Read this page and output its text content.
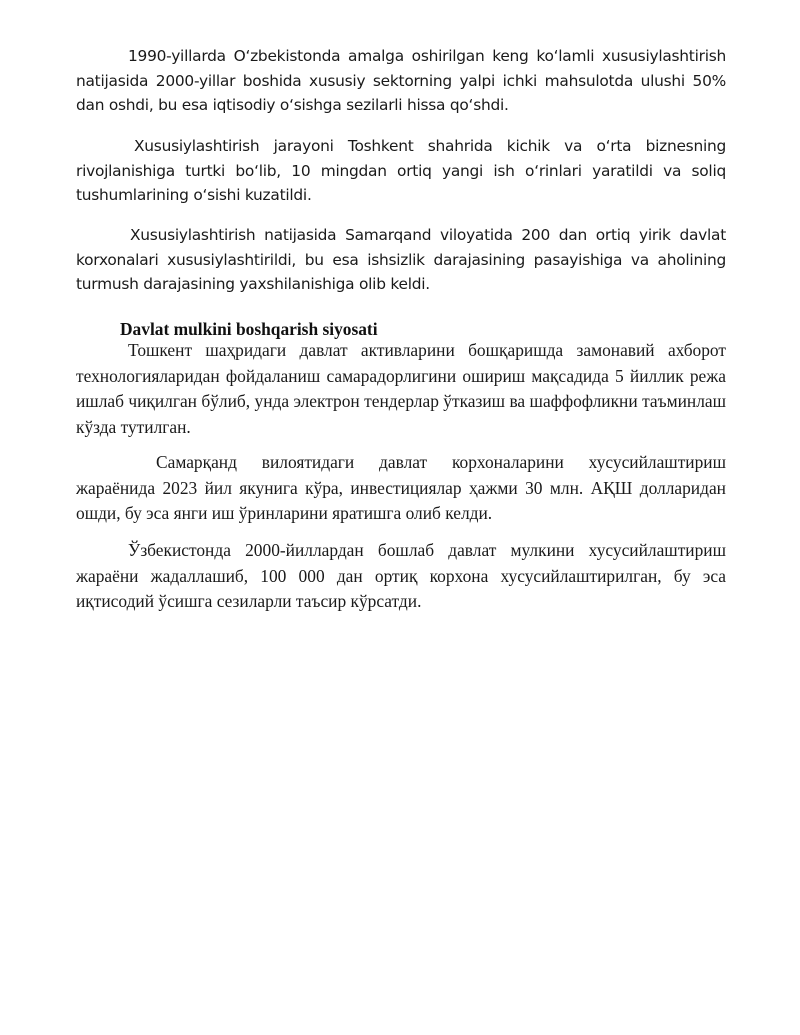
1990-yillarda O‘zbekistonda amalga oshirilgan keng ko‘lamli xususiylashtirish natijasida 2000-yillar boshida xususiy sektorning yalpi ichki mahsulotda ulushi 50% dan oshdi, bu esa iqtisodiy o‘sishga sezilarli hissa qo‘shdi.

Xususiylashtirish jarayoni Toshkent shahrida kichik va o‘rta biznesning rivojlanishiga turtki bo‘lib, 10 mingdan ortiq yangi ish o‘rinlari yaratildi va soliq tushumlarining o‘sishi kuzatildi.

Xususiylashtirish natijasida Samarqand viloyatida 200 dan ortiq yirik davlat korxonalari xususiylashtirildi, bu esa ishsizlik darajasining pasayishiga va aholining turmush darajasining yaxshilanishiga olib keldi.

Davlat mulkini boshqarish siyosati

Тошкент шаҳридаги давлат активларини бошқаришда замонавий ахборот технологияларидан фойдаланиш самарадорлигини ошириш мақсадида 5 йиллик режа ишлаб чиқилган бўлиб, унда электрон тендерлар ўтказиш ва шаффофликни таъминлаш кўзда тутилган.

Самарқанд вилоятидаги давлат корхоналарини хусусийлаштириш жараёнида 2023 йил якунига кўра, инвестициялар ҳажми 30 млн. АҚШ долларидан ошди, бу эса янги иш ўринларини яратишга олиб келди.

Ўзбекистонда 2000-йиллардан бошлаб давлат мулкини хусусийлаштириш жараёни жадаллашиб, 100 000 дан ортиқ корхона хусусийлаштирилган, бу эса иқтисодий ўсишга сезиларли таъсир кўрсатди.
